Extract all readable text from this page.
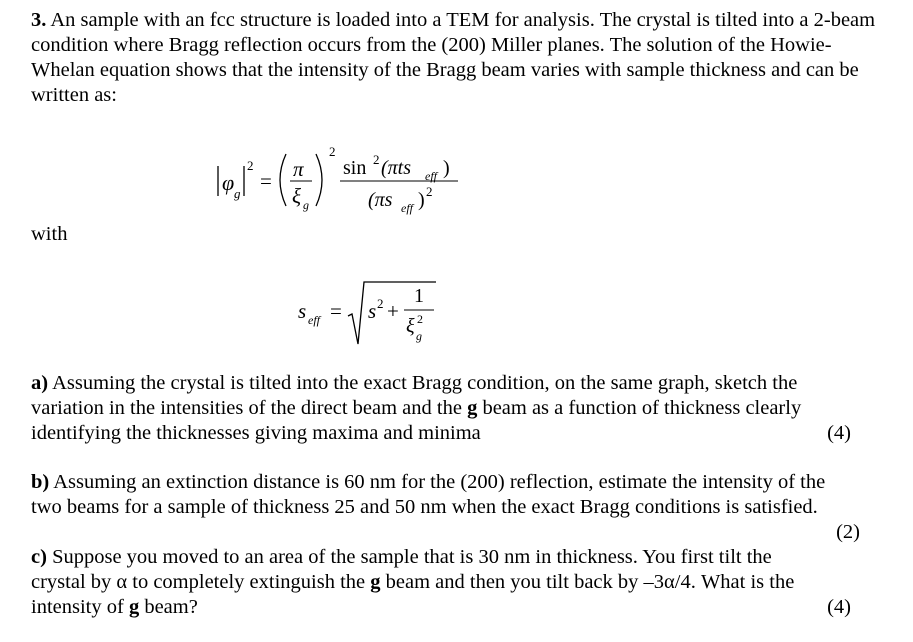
3. An sample with an fcc structure is loaded into a TEM for analysis. The crystal is tilted into a 2-beam condition where Bragg reflection occurs from the (200) Miller planes. The solution of the Howie-Whelan equation shows that the intensity of the Bragg beam varies with sample thickness and can be written as:

φ g
2
= π
ξ g
2
sin 2 (πts eff )
(πs eff ) 2
with
s eff = s 2 +
1
ξ g
2
a) Assuming the crystal is tilted into the exact Bragg condition, on the same graph, sketch the
variation in the intensities of the direct beam and the g beam as a function of thickness clearly
identifying the thicknesses giving maxima and minima	(4)
b) Assuming an extinction distance is 60 nm for the (200) reflection, estimate the intensity of the
two beams for a sample of thickness 25 and 50 nm when the exact Bragg conditions is satisfied.
(2)
c) Suppose you moved to an area of the sample that is 30 nm in thickness. You first tilt the
crystal by α to completely extinguish the g beam and then you tilt back by –3α/4. What is the
intensity of g beam?	(4)
